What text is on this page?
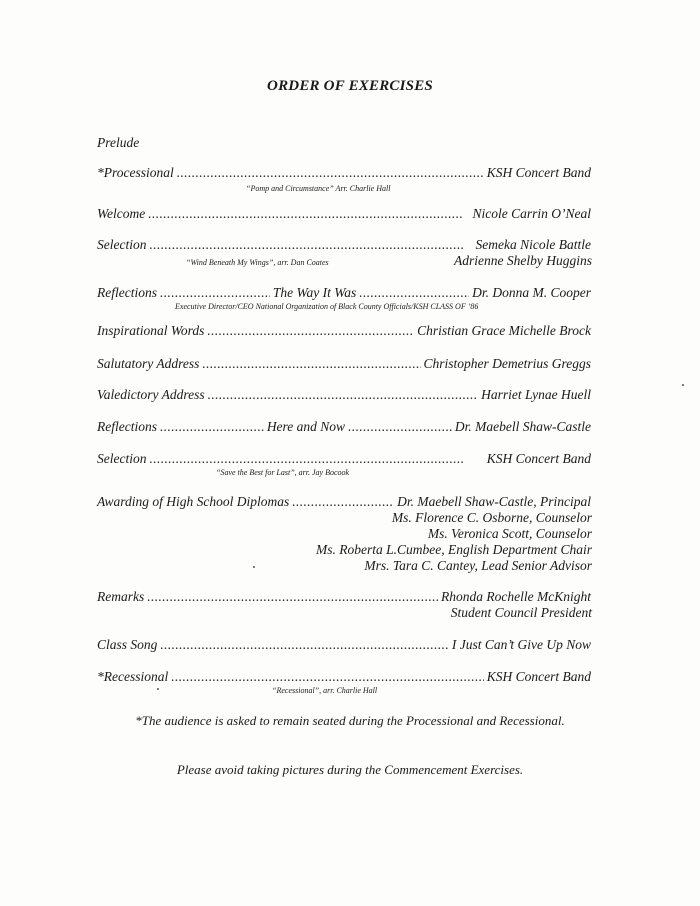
ORDER OF EXERCISES
Prelude
*Processional . . .	KSH Concert Band
“Pomp and Circumstance” Arr. Charlie Hall
Welcome . . .	Nicole Carrin O’Neal
Selection . . .	Semeka Nicole Battle
“Wind Beneath My Wings”, arr. Dan Coates	Adrienne Shelby Huggins
Reflections . . .	The Way It Was . . .	Dr. Donna M. Cooper
Executive Director/CEO National Organization of Black County Officials/KSH CLASS OF ’86
Inspirational Words . . .	Christian Grace Michelle Brock
Salutatory Address . . .	Christopher Demetrius Greggs
Valedictory Address . . .	Harriet Lynae Huell
Reflections . . .	Here and Now . . .	Dr. Maebell Shaw-Castle
Selection . . .	KSH Concert Band
“Save the Best for Last”, arr. Jay Bocook
Awarding of High School Diplomas . . .	Dr. Maebell Shaw-Castle, Principal
Ms. Florence C. Osborne, Counselor
Ms. Veronica Scott, Counselor
Ms. Roberta L.Cumbee, English Department Chair
Mrs. Tara C. Cantey, Lead Senior Advisor
Remarks . . .	Rhonda Rochelle McKnight
Student Council President
Class Song . . .	I Just Can’t Give Up Now
*Recessional . . .	KSH Concert Band
“Recessional”, arr. Charlie Hall
*The audience is asked to remain seated during the Processional and Recessional.
Please avoid taking pictures during the Commencement Exercises.
